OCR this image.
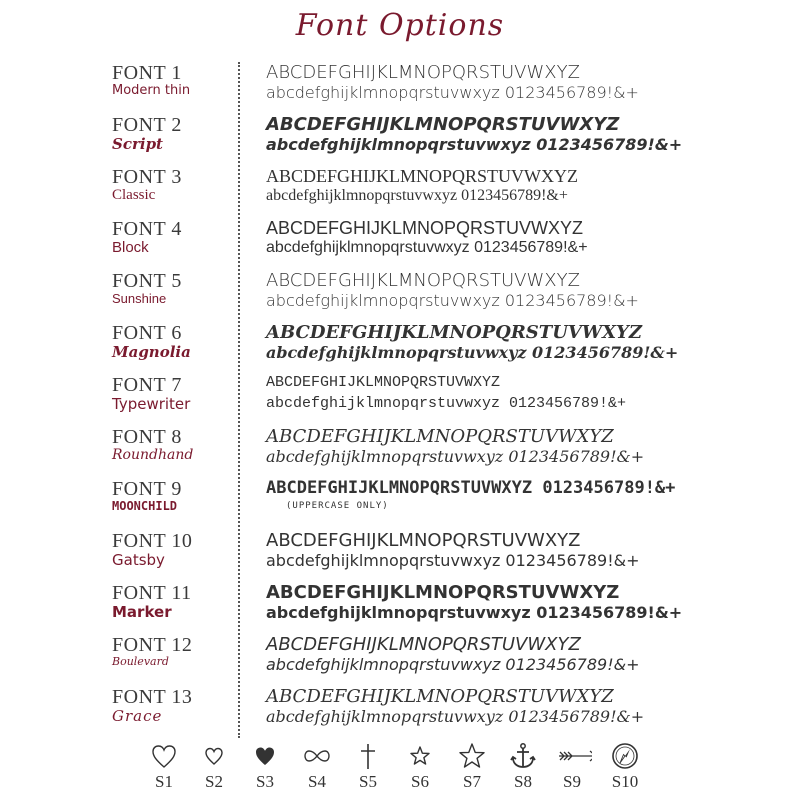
Font Options
FONT 1
Modern thin
ABCDEFGHIJKLMNOPQRSTUVWXYZ
abcdefghijklmnopqrstuvwxyz 0123456789!&+
FONT 2
Script
ABCDEFGHIJKLMNOPQRSTUVWXYZ
abcdefghijklmnopqrstuvwxyz 0123456789!&+
FONT 3
Classic
ABCDEFGHIJKLMNOPQRSTUVWXYZ
abcdefghijklmnopqrstuvwxyz 0123456789!&+
FONT 4
Block
ABCDEFGHIJKLMNOPQRSTUVWXYZ
abcdefghijklmnopqrstuvwxyz 0123456789!&+
FONT 5
Sunshine
ABCDEFGHIJKLMNOPQRSTUVWXYZ
abcdefghijklmnopqrstuvwxyz 0123456789!&+
FONT 6
Magnolia
ABCDEFGHIJKLMNOPQRSTUVWXYZ
abcdefghijklmnopqrstuvwxyz 0123456789!&+
FONT 7
Typewriter
ABCDEFGHIJKLMNOPQRSTUVWXYZ
abcdefghijklmnopqrstuvwxyz 0123456789!&+
FONT 8
Roundhand
ABCDEFGHIJKLMNOPQRSTUVWXYZ
abcdefghijklmnopqrstuvwxyz 0123456789!&+
FONT 9
MOONCHILD
ABCDEFGHIJKLMNOPQRSTUVWXYZ 0123456789!&+
(UPPERCASE ONLY)
FONT 10
Gatsby
ABCDEFGHIJKLMNOPQRSTUVWXYZ
abcdefghijklmnopqrstuvwxyz 0123456789!&+
FONT 11
Marker
ABCDEFGHIJKLMNOPQRSTUVWXYZ
abcdefghijklmnopqrstuvwxyz 0123456789!&+
FONT 12
Boulevard
ABCDEFGHIJKLMNOPQRSTUVWXYZ
abcdefghijklmnopqrstuvwxyz 0123456789!&+
FONT 13
Grace
ABCDEFGHIJKLMNOPQRSTUVWXYZ
abcdefghijklmnopqrstuvwxyz 0123456789!&+
S1	S2	S3	S4	S5	S6	S7	S8	S9	S10
